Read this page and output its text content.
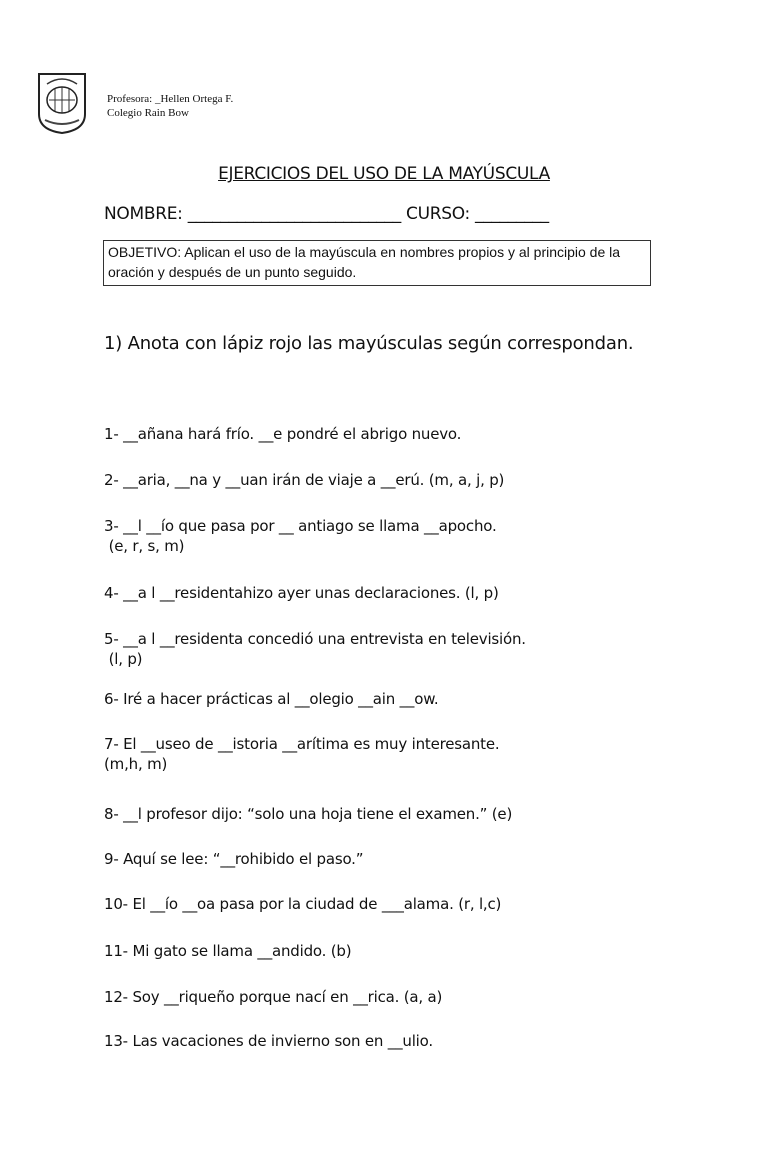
Profesora: _Hellen Ortega F.
Colegio Rain Bow
EJERCICIOS DEL USO DE LA MAYÚSCULA
NOMBRE: __________________________ CURSO: _________
OBJETIVO: Aplican el uso de la mayúscula en nombres propios y al principio de la oración y después de un punto seguido.
1) Anota con lápiz rojo las mayúsculas según correspondan.
1- __añana hará frío. __e pondré el abrigo nuevo.
2- __aria, __na y __uan irán de viaje a __erú. (m, a, j, p)
3- __l __ío que pasa por __ antiago se llama __apocho.
(e, r, s, m)
4- __a l __residentahizo ayer unas declaraciones. (l, p)
5- __a l __residenta concedió una entrevista en televisión.
(l, p)
6- Iré a hacer prácticas al __olegio __ain __ow.
7- El __useo de __istoria __arítima es muy interesante.
(m,h, m)
8- __l profesor dijo: “solo una hoja tiene el examen.” (e)
9- Aquí se lee: “__rohibido el paso.”
10- El __ío __oa pasa por la ciudad de ___alama. (r, l,c)
11- Mi gato se llama __andido. (b)
12- Soy __riqueño porque nací en __rica. (a, a)
13- Las vacaciones de invierno son en __ulio.
